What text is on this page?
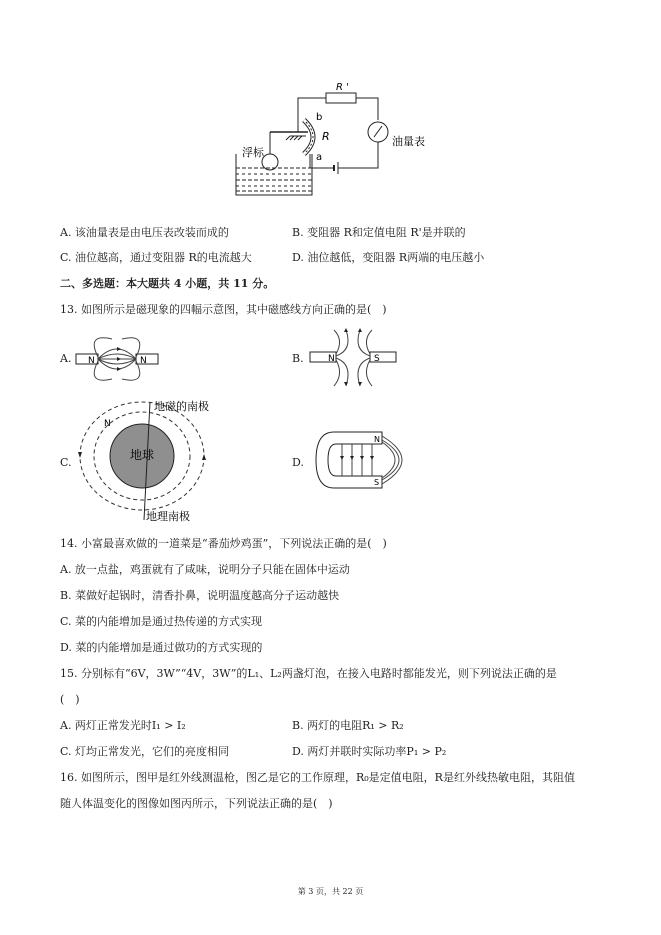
R '
b
R
a
浮标
油量表
A. 该油量表是由电压表改装而成的	B. 变阻器 R和定值电阻 R'是并联的
C. 油位越高，通过变阻器 R的电流越大	D. 油位越低，变阻器 R两端的电压越小
二、多选题：本大题共 4 小题，共 11 分。
13. 如图所示是磁现象的四幅示意图，其中磁感线方向正确的是(　)
A. N	N	B.	N	S
C.
地球
N
地磁的南极
地理南极
D.
N
S
14. 小富最喜欢做的一道菜是“番茄炒鸡蛋”，下列说法正确的是(　)
A. 放一点盐，鸡蛋就有了咸味，说明分子只能在固体中运动
B. 菜做好起锅时，清香扑鼻，说明温度越高分子运动越快
C. 菜的内能增加是通过热传递的方式实现
D. 菜的内能增加是通过做功的方式实现的
15. 分别标有“6V，3W”“4V，3W”的L₁、L₂两盏灯泡，在接入电路时都能发光，则下列说法正确的是
(　)
A. 两灯正常发光时I₁ > I₂	B. 两灯的电阻R₁ > R₂
C. 灯均正常发光，它们的亮度相同	D. 两灯并联时实际功率P₁ > P₂
16. 如图所示，图甲是红外线测温枪，图乙是它的工作原理，R₀是定值电阻，R是红外线热敏电阻，其阻值
随人体温变化的图像如图丙所示，下列说法正确的是(　)
第 3 页，共 22 页
